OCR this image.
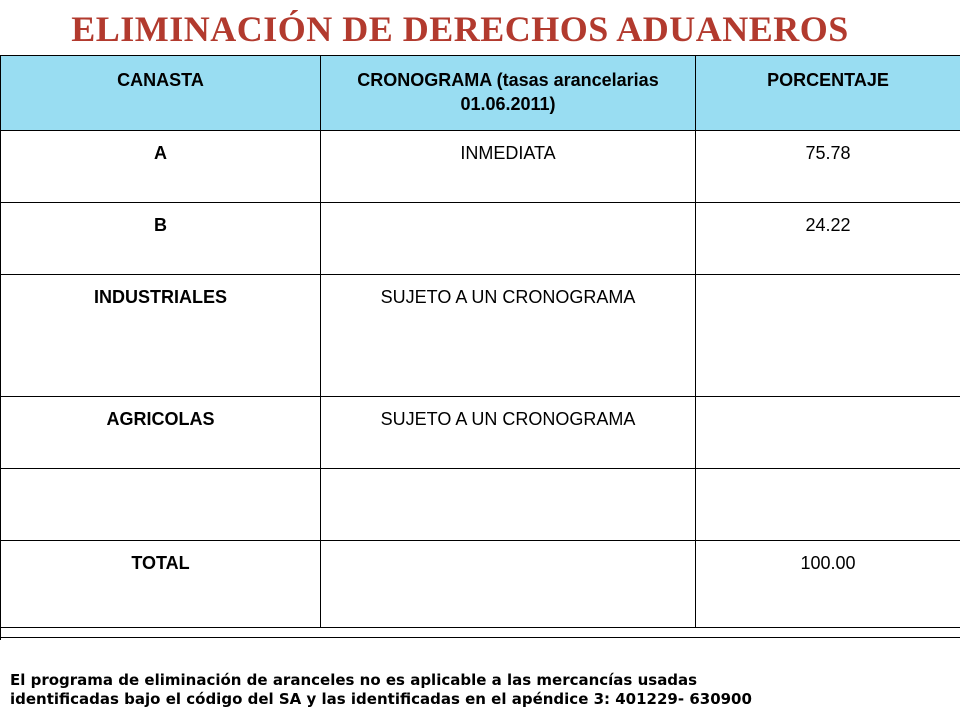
ELIMINACIÓN DE DERECHOS ADUANEROS
CANASTA	CRONOGRAMA (tasas arancelarias 01.06.2011)	PORCENTAJE
A	INMEDIATA	75.78
B		24.22
INDUSTRIALES	SUJETO A UN CRONOGRAMA	
AGRICOLAS	SUJETO A UN CRONOGRAMA	

TOTAL		100.00
El programa de eliminación de aranceles no es aplicable a las mercancías usadas
identificadas bajo el código del SA y las identificadas en el apéndice 3: 401229- 630900
